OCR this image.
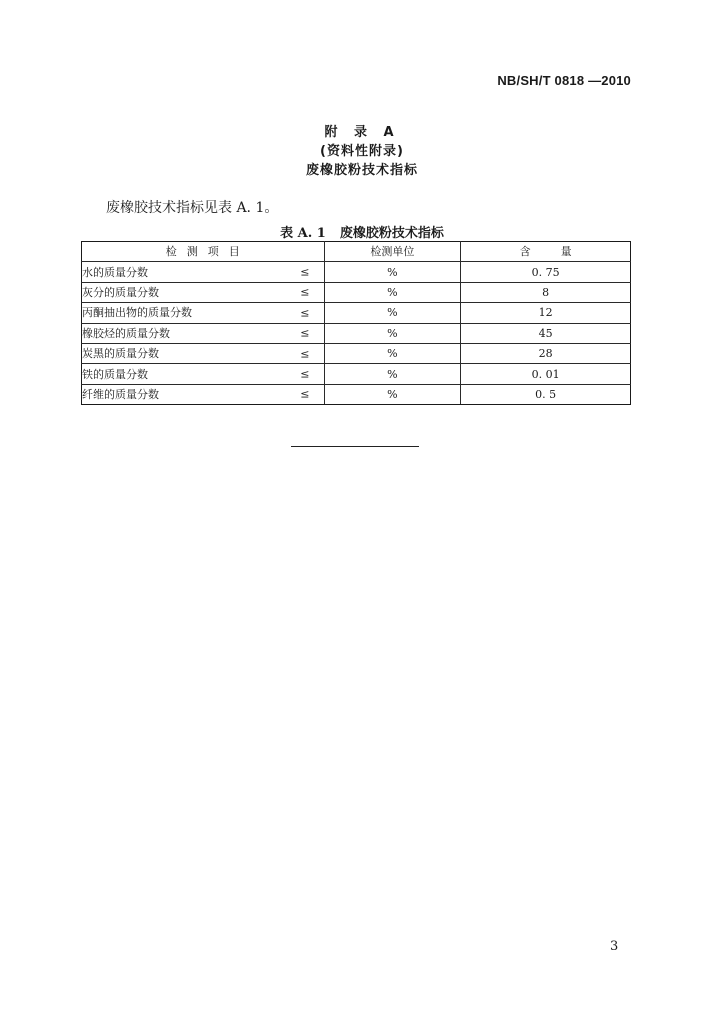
NB/SH/T 0818 —2010
附 录 A
(资料性附录)
废橡胶粉技术指标
废橡胶技术指标见表 A. 1。
表 A. 1 废橡胶粉技术指标
检测项目	检测单位	含量
水的质量分数 ≤	%	0. 75
灰分的质量分数 ≤	%	8
丙酮抽出物的质量分数 ≤	%	12
橡胶烃的质量分数 ≤	%	45
炭黑的质量分数 ≤	%	28
铁的质量分数 ≤	%	0. 01
纤维的质量分数 ≤	%	0. 5
3
